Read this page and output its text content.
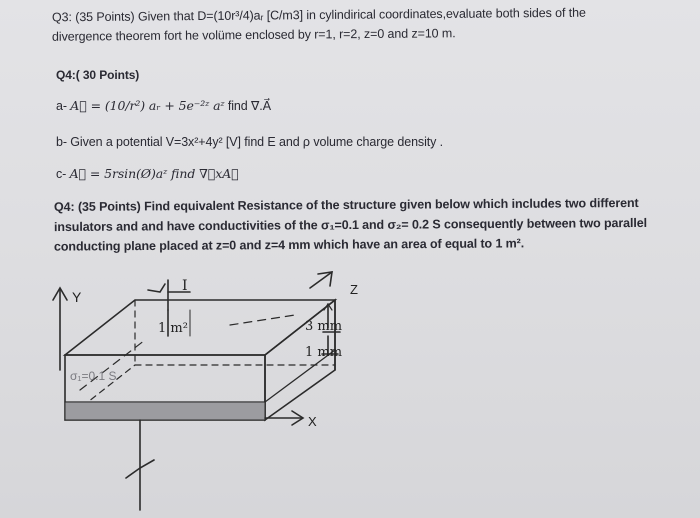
Q3: (35 Points) Given that D=(10r³/4)aᵣ [C/m3] in cylindirical coordinates,evaluate both sides of the
divergence theorem fort he volüme enclosed by r=1, r=2, z=0 and z=10 m.
Q4:( 30 Points)
a- A⃗ = (10/r²) aᵣ + 5e⁻²ᶻ aᶻ find ∇.A⃗
b- Given a potential V=3x²+4y² [V] find E and ρ volume charge density .
c- A⃗ = 5rsin(Ø)aᶻ find ∇⃗xA⃗
Q4: (35 Points) Find equivalent Resistance of the structure given below which includes two different
insulators and and have conductivities of the σ₁=0.1 and σ₂= 0.2 S consequently between two parallel
conducting plane placed at z=0 and z=4 mm which have an area of equal to 1 m².
Y
I
1 m²	3 mm
1 mm
Z
X
σ₁=0.1 S
